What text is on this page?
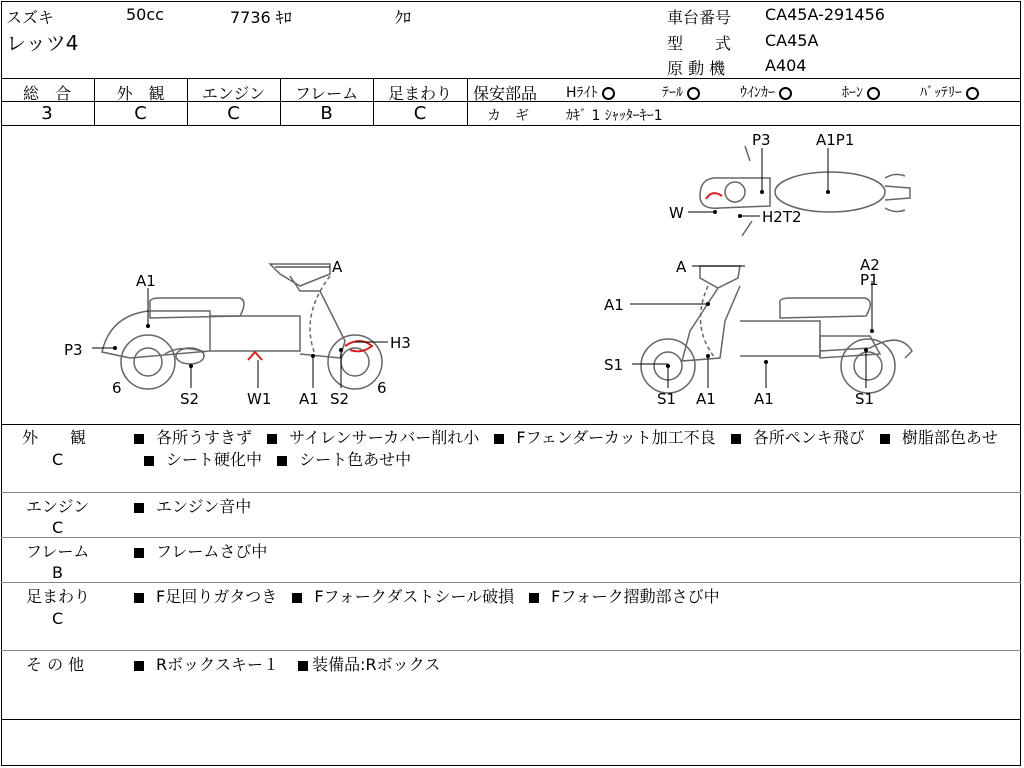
スズキ	50cc	7736 ｷﾛ	ｸﾛ
レッツ4
車台番号 CA45A-291456
型　　式 CA45A
原 動 機 A404
総　合
3
外　観
C
エンジン
C
フレーム
B
足まわり
C
保安部品 Hﾗｲﾄ	ﾃｰﾙ	ｳｲﾝｶｰ	ﾎｰﾝ	ﾊﾞｯﾃﾘｰ
カ　ギ	ｶｷﾞ 1 ｼｬｯﾀｰｷｰ1
A1
A
P3	H3
6
S2	W1 A1 S2
6
P3	A1P1
W	H2T2
A	A2
P1
A1
S1
S1 A1	A1	S1
外　　観
C
各所うすきず サイレンサーカバー削れ小 Fフェンダーカット加工不良 各所ペンキ飛び 樹脂部色あせ シート硬化中 シート色あせ中
エンジン
C
エンジン音中
フレーム
B
フレームさび中
足まわり
C
F足回りガタつき Fフォークダストシール破損 Fフォーク摺動部さび中
そ の 他	Rボックスキー１ 装備品:Rボックス
